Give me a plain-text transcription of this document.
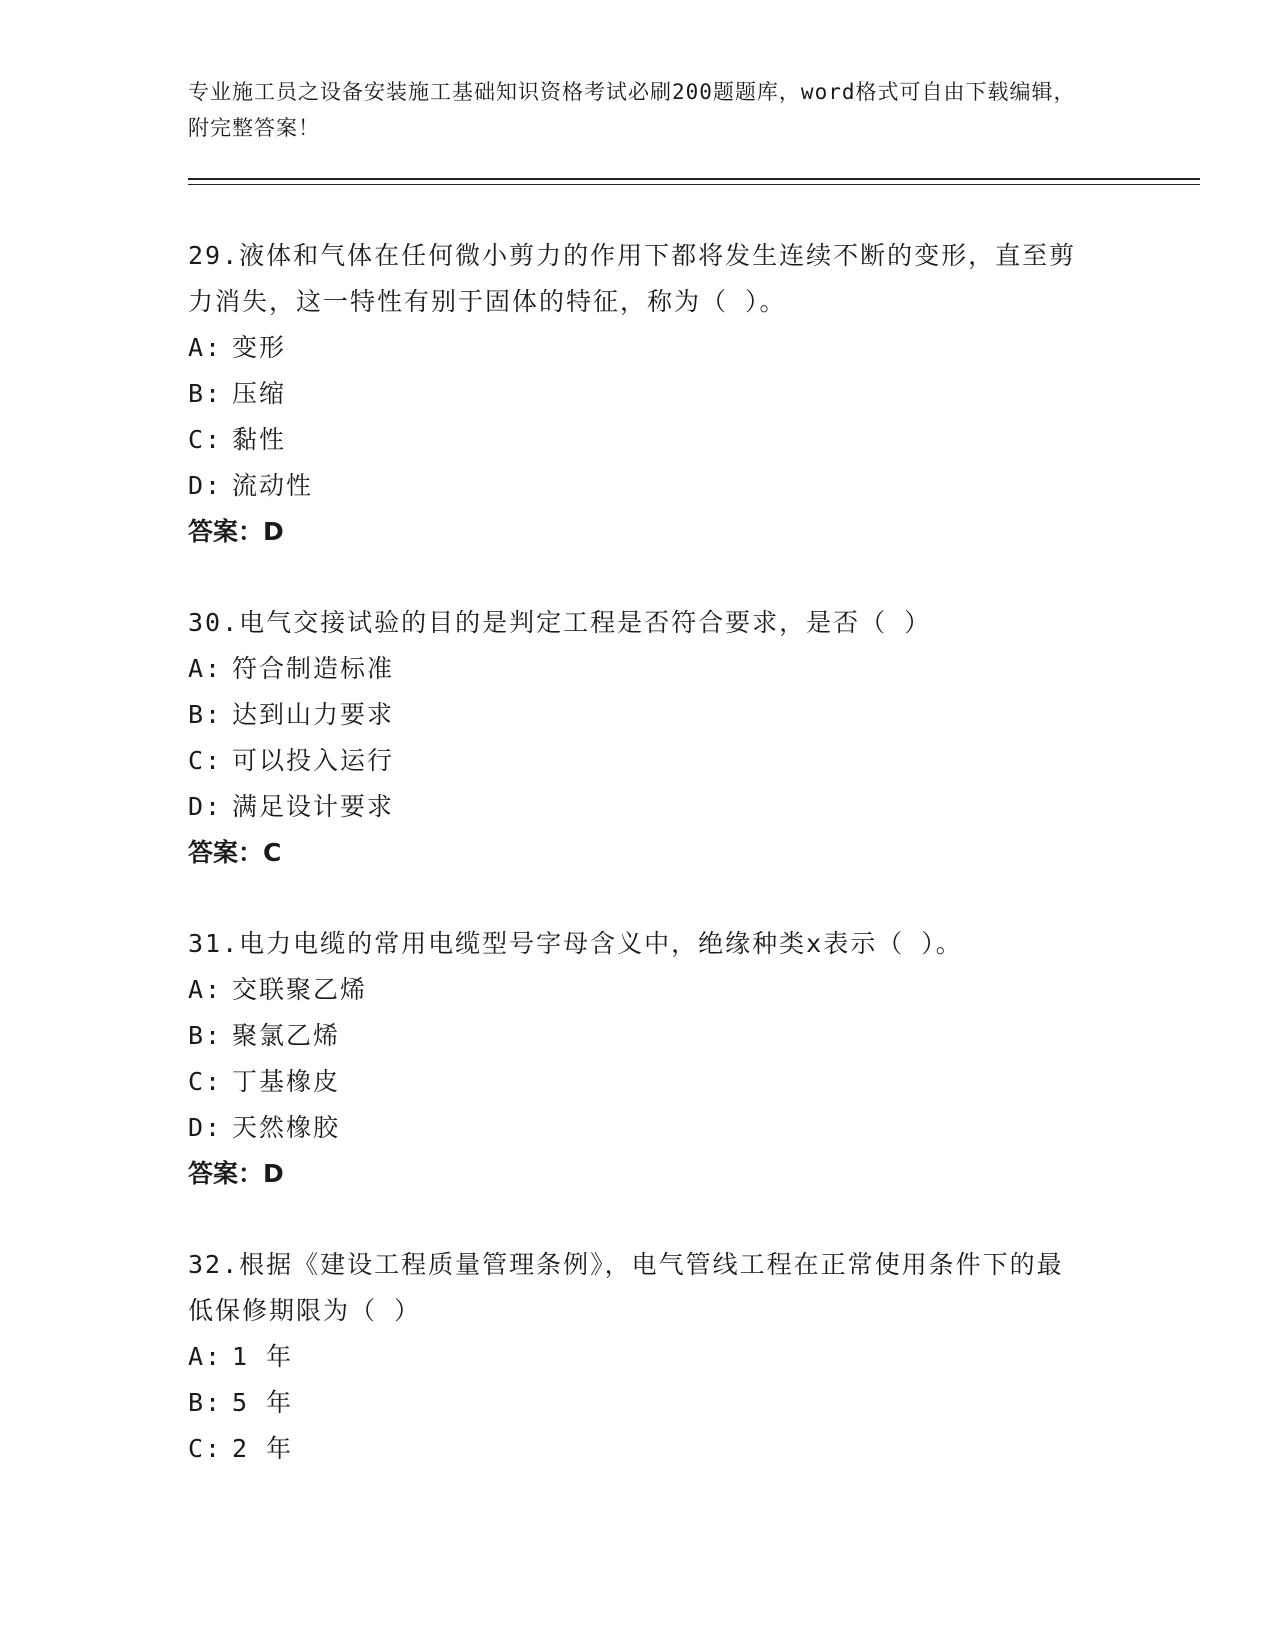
专业施工员之设备安装施工基础知识资格考试必刷200题题库，word格式可自由下载编辑，附完整答案！
29.液体和气体在任何微小剪力的作用下都将发生连续不断的变形，直至剪力消失，这一特性有别于固体的特征，称为（ ）。
A: 变形
B: 压缩
C: 黏性
D: 流动性
答案：D
30.电气交接试验的目的是判定工程是否符合要求，是否（ ）
A: 符合制造标准
B: 达到山力要求
C: 可以投入运行
D: 满足设计要求
答案：C
31.电力电缆的常用电缆型号字母含义中，绝缘种类x表示（ ）。
A: 交联聚乙烯
B: 聚氯乙烯
C: 丁基橡皮
D: 天然橡胶
答案：D
32.根据《建设工程质量管理条例》，电气管线工程在正常使用条件下的最低保修期限为（ ）
A: 1 年
B: 5 年
C: 2 年
